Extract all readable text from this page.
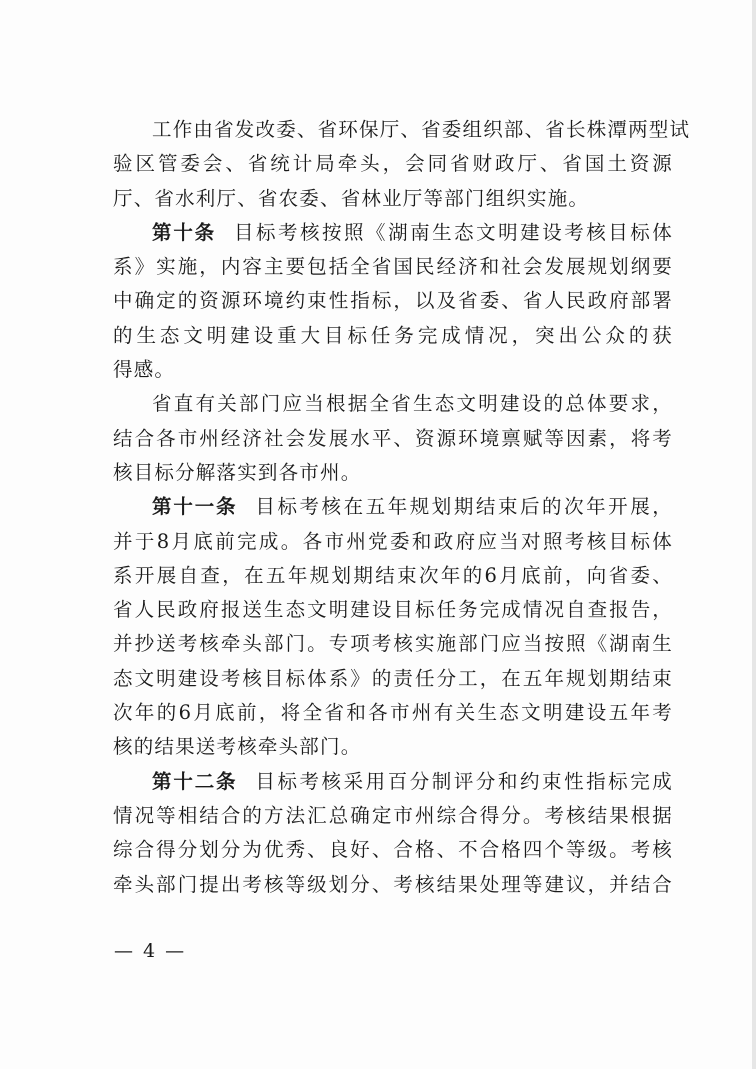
工作由省发改委、省环保厅、省委组织部、省长株潭两型试
验区管委会、省统计局牵头，会同省财政厅、省国土资源
厅、省水利厅、省农委、省林业厅等部门组织实施。
第十条 目标考核按照《湖南生态文明建设考核目标体
系》实施，内容主要包括全省国民经济和社会发展规划纲要
中确定的资源环境约束性指标，以及省委、省人民政府部署
的生态文明建设重大目标任务完成情况，突出公众的获
得感。
省直有关部门应当根据全省生态文明建设的总体要求，
结合各市州经济社会发展水平、资源环境禀赋等因素，将考
核目标分解落实到各市州。
第十一条 目标考核在五年规划期结束后的次年开展，
并于8月底前完成。各市州党委和政府应当对照考核目标体
系开展自查，在五年规划期结束次年的6月底前，向省委、
省人民政府报送生态文明建设目标任务完成情况自查报告，
并抄送考核牵头部门。专项考核实施部门应当按照《湖南生
态文明建设考核目标体系》的责任分工，在五年规划期结束
次年的6月底前，将全省和各市州有关生态文明建设五年考
核的结果送考核牵头部门。
第十二条 目标考核采用百分制评分和约束性指标完成
情况等相结合的方法汇总确定市州综合得分。考核结果根据
综合得分划分为优秀、良好、合格、不合格四个等级。考核
牵头部门提出考核等级划分、考核结果处理等建议，并结合
— 4 —
